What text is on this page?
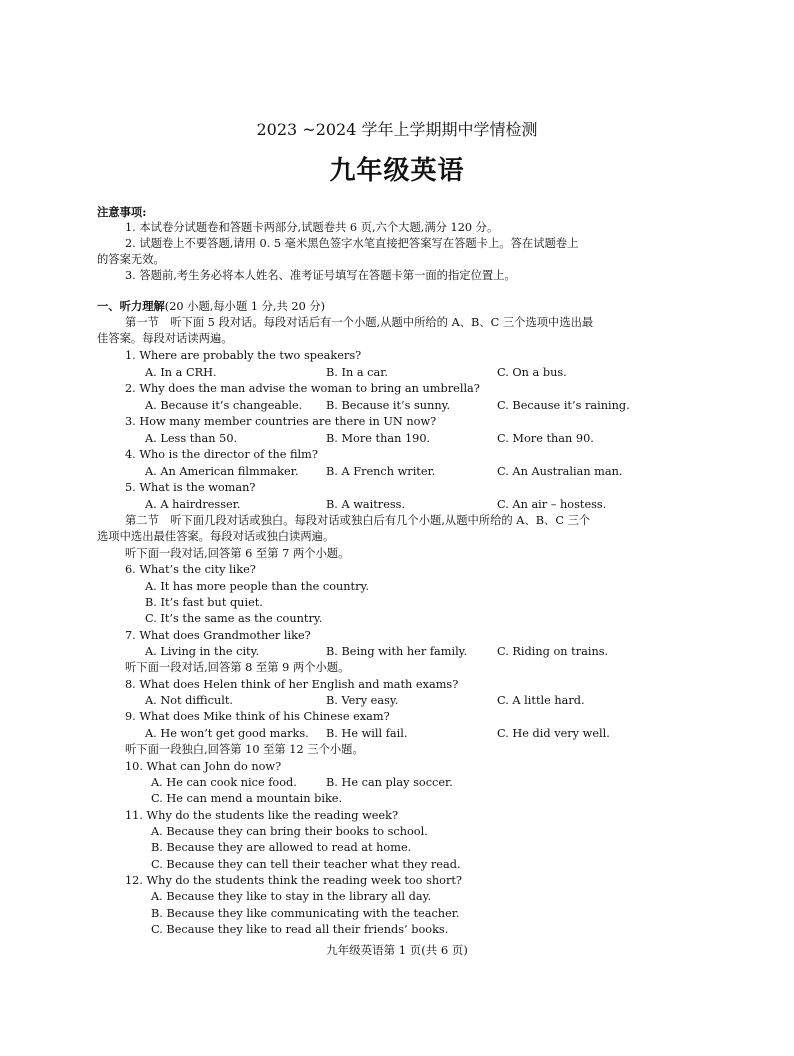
2023 ~2024 学年上学期期中学情检测
九年级英语
注意事项:
1. 本试卷分试题卷和答题卡两部分,试题卷共 6 页,六个大题,满分 120 分。
2. 试题卷上不要答题,请用 0. 5 毫米黑色签字水笔直接把答案写在答题卡上。答在试题卷上
的答案无效。
3. 答题前,考生务必将本人姓名、准考证号填写在答题卡第一面的指定位置上。
一、听力理解(20 小题,每小题 1 分,共 20 分)
第一节　听下面 5 段对话。每段对话后有一个小题,从题中所给的 A、B、C 三个选项中选出最
佳答案。每段对话读两遍。
1. Where are probably the two speakers?
A. In a CRH.	B. In a car.	C. On a bus.
2. Why does the man advise the woman to bring an umbrella?
A. Because it’s changeable. B. Because it’s sunny.	C. Because it’s raining.
3. How many member countries are there in UN now?
A. Less than 50.	B. More than 190.	C. More than 90.
4. Who is the director of the film?
A. An American filmmaker. B. A French writer.	C. An Australian man.
5. What is the woman?
A. A hairdresser.	B. A waitress.	C. An air – hostess.
第二节　听下面几段对话或独白。每段对话或独白后有几个小题,从题中所给的 A、B、C 三个
选项中选出最佳答案。每段对话或独白读两遍。
听下面一段对话,回答第 6 至第 7 两个小题。
6. What’s the city like?
A. It has more people than the country.
B. It’s fast but quiet.
C. It’s the same as the country.
7. What does Grandmother like?
A. Living in the city.	B. Being with her family.	C. Riding on trains.
听下面一段对话,回答第 8 至第 9 两个小题。
8. What does Helen think of her English and math exams?
A. Not difficult.	B. Very easy.	C. A little hard.
9. What does Mike think of his Chinese exam?
A. He won’t get good marks. B. He will fail.	C. He did very well.
听下面一段独白,回答第 10 至第 12 三个小题。
10. What can John do now?
A. He can cook nice food.	B. He can play soccer.
C. He can mend a mountain bike.
11. Why do the students like the reading week?
A. Because they can bring their books to school.
B. Because they are allowed to read at home.
C. Because they can tell their teacher what they read.
12. Why do the students think the reading week too short?
A. Because they like to stay in the library all day.
B. Because they like communicating with the teacher.
C. Because they like to read all their friends’ books.
九年级英语第 1 页(共 6 页)
